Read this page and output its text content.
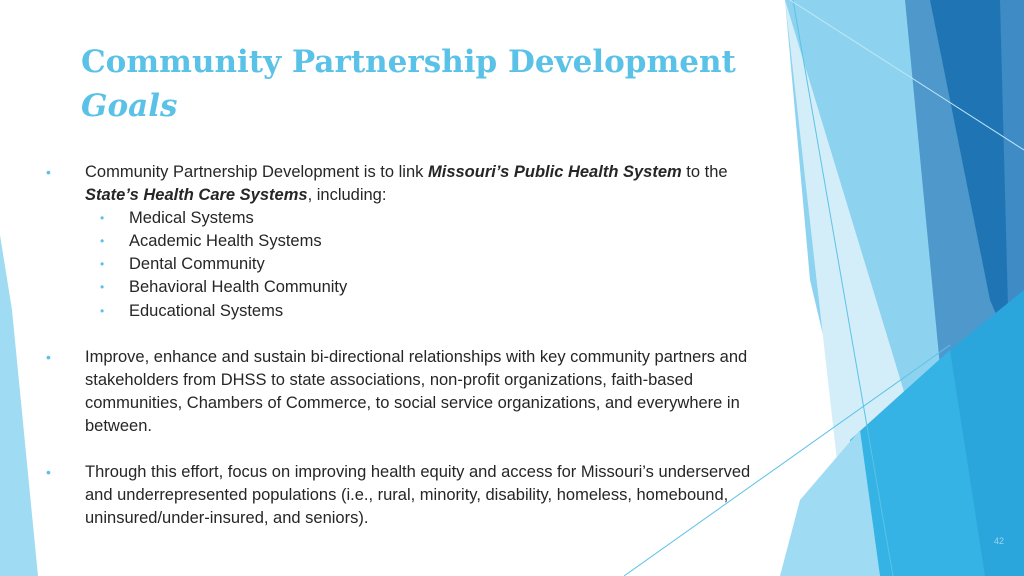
Community Partnership Development
Goals
• Community Partnership Development is to link Missouri’s Public Health System to the State’s Health Care Systems, including:
• Medical Systems
• Academic Health Systems
• Dental Community
• Behavioral Health Community
• Educational Systems
• Improve, enhance and sustain bi-directional relationships with key community partners and stakeholders from DHSS to state associations, non-profit organizations, faith-based communities, Chambers of Commerce, to social service organizations, and everywhere in between.
• Through this effort, focus on improving health equity and access for Missouri’s underserved and underrepresented populations (i.e., rural, minority, disability, homeless, homebound, uninsured/under-insured, and seniors).
42
